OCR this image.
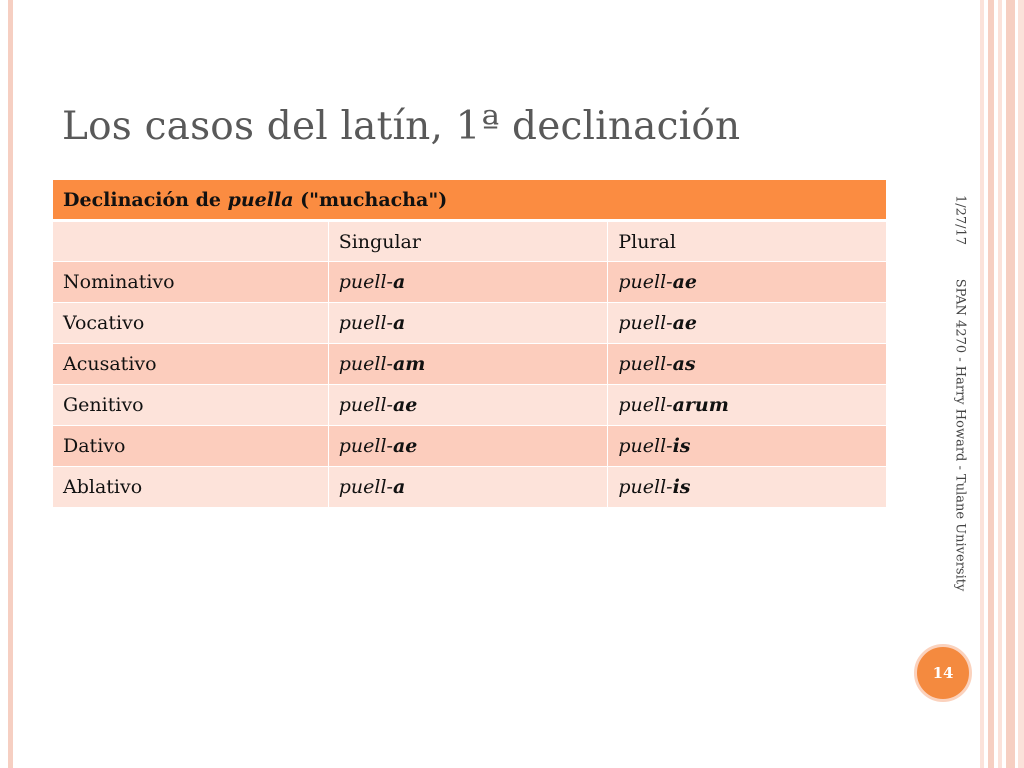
Los casos del latín, 1ª declinación
Declinación de puella ("muchacha")		
	Singular	Plural
Nominativo	puell-a	puell-ae
Vocativo	puell-a	puell-ae
Acusativo	puell-am	puell-as
Genitivo	puell-ae	puell-arum
Dativo	puell-ae	puell-is
Ablativo	puell-a	puell-is
1/27/17
SPAN 4270 - Harry Howard - Tulane University
14
